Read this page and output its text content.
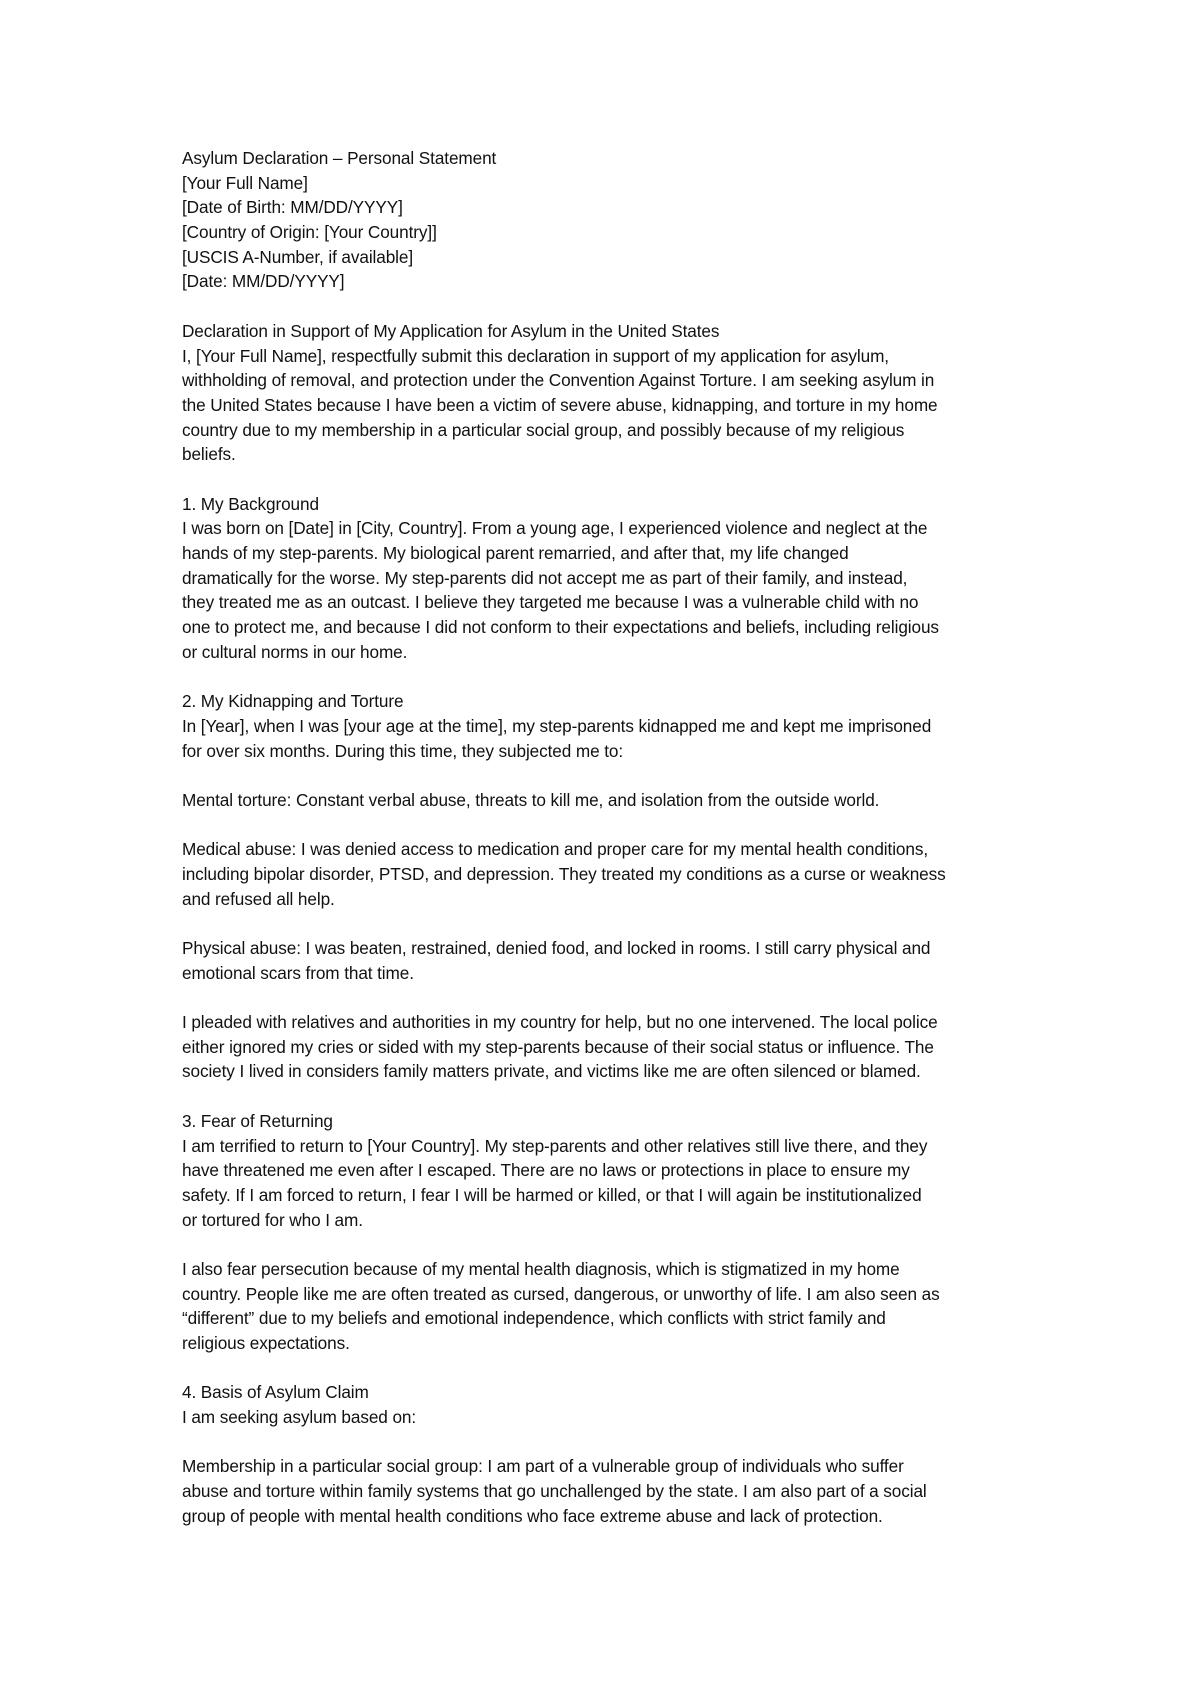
Asylum Declaration – Personal Statement
[Your Full Name]
[Date of Birth: MM/DD/YYYY]
[Country of Origin: [Your Country]]
[USCIS A-Number, if available]
[Date: MM/DD/YYYY]
Declaration in Support of My Application for Asylum in the United States
I, [Your Full Name], respectfully submit this declaration in support of my application for asylum,
withholding of removal, and protection under the Convention Against Torture. I am seeking asylum in
the United States because I have been a victim of severe abuse, kidnapping, and torture in my home
country due to my membership in a particular social group, and possibly because of my religious
beliefs.
1. My Background
I was born on [Date] in [City, Country]. From a young age, I experienced violence and neglect at the
hands of my step-parents. My biological parent remarried, and after that, my life changed
dramatically for the worse. My step-parents did not accept me as part of their family, and instead,
they treated me as an outcast. I believe they targeted me because I was a vulnerable child with no
one to protect me, and because I did not conform to their expectations and beliefs, including religious
or cultural norms in our home.
2. My Kidnapping and Torture
In [Year], when I was [your age at the time], my step-parents kidnapped me and kept me imprisoned
for over six months. During this time, they subjected me to:
Mental torture: Constant verbal abuse, threats to kill me, and isolation from the outside world.
Medical abuse: I was denied access to medication and proper care for my mental health conditions,
including bipolar disorder, PTSD, and depression. They treated my conditions as a curse or weakness
and refused all help.
Physical abuse: I was beaten, restrained, denied food, and locked in rooms. I still carry physical and
emotional scars from that time.
I pleaded with relatives and authorities in my country for help, but no one intervened. The local police
either ignored my cries or sided with my step-parents because of their social status or influence. The
society I lived in considers family matters private, and victims like me are often silenced or blamed.
3. Fear of Returning
I am terrified to return to [Your Country]. My step-parents and other relatives still live there, and they
have threatened me even after I escaped. There are no laws or protections in place to ensure my
safety. If I am forced to return, I fear I will be harmed or killed, or that I will again be institutionalized
or tortured for who I am.
I also fear persecution because of my mental health diagnosis, which is stigmatized in my home
country. People like me are often treated as cursed, dangerous, or unworthy of life. I am also seen as
“different” due to my beliefs and emotional independence, which conflicts with strict family and
religious expectations.
4. Basis of Asylum Claim
I am seeking asylum based on:
Membership in a particular social group: I am part of a vulnerable group of individuals who suffer
abuse and torture within family systems that go unchallenged by the state. I am also part of a social
group of people with mental health conditions who face extreme abuse and lack of protection.
